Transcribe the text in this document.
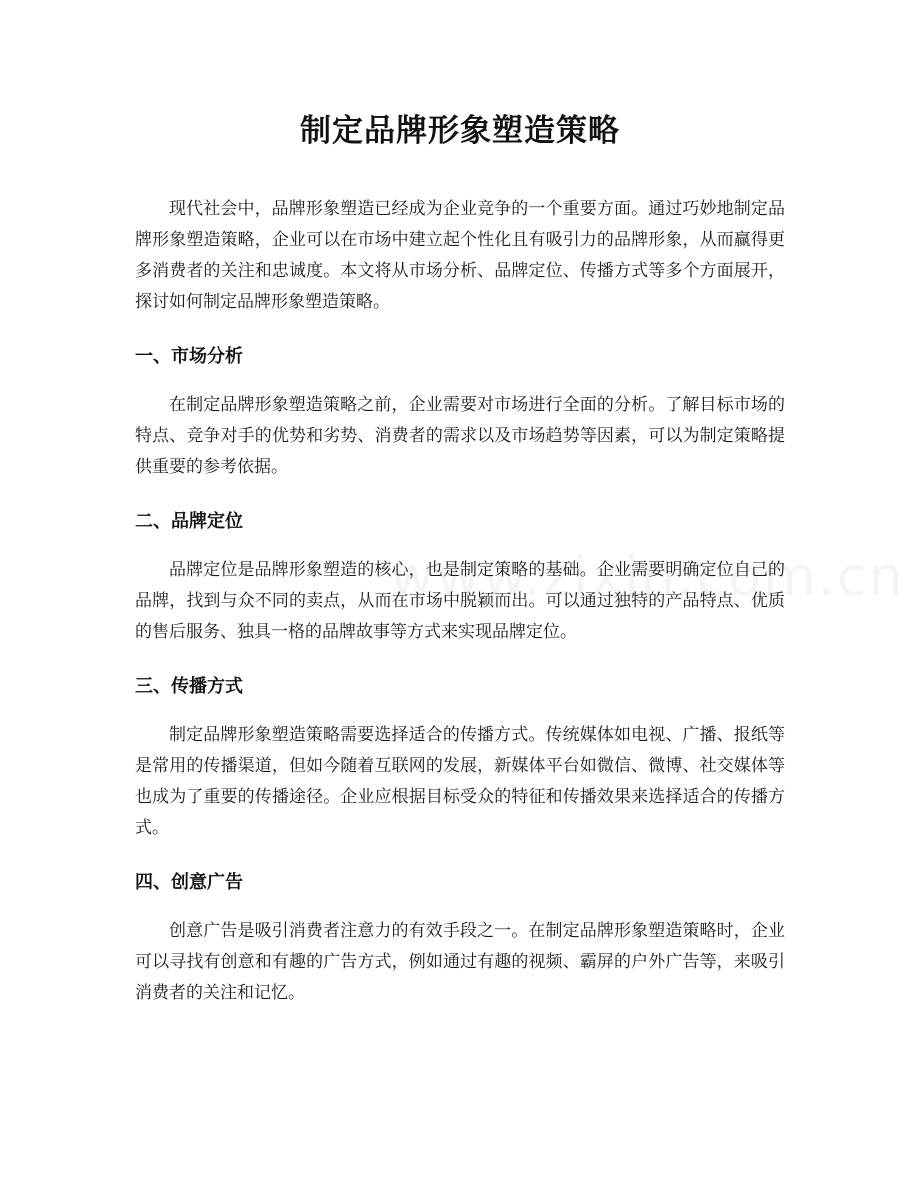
制定品牌形象塑造策略

现代社会中，品牌形象塑造已经成为企业竞争的一个重要方面。通过巧妙地制定品牌形象塑造策略，企业可以在市场中建立起个性化且有吸引力的品牌形象，从而赢得更多消费者的关注和忠诚度。本文将从市场分析、品牌定位、传播方式等多个方面展开，探讨如何制定品牌形象塑造策略。

一、市场分析

在制定品牌形象塑造策略之前，企业需要对市场进行全面的分析。了解目标市场的特点、竞争对手的优势和劣势、消费者的需求以及市场趋势等因素，可以为制定策略提供重要的参考依据。

二、品牌定位

品牌定位是品牌形象塑造的核心，也是制定策略的基础。企业需要明确定位自己的品牌，找到与众不同的卖点，从而在市场中脱颖而出。可以通过独特的产品特点、优质的售后服务、独具一格的品牌故事等方式来实现品牌定位。

三、传播方式

制定品牌形象塑造策略需要选择适合的传播方式。传统媒体如电视、广播、报纸等是常用的传播渠道，但如今随着互联网的发展，新媒体平台如微信、微博、社交媒体等也成为了重要的传播途径。企业应根据目标受众的特征和传播效果来选择适合的传播方式。

四、创意广告

创意广告是吸引消费者注意力的有效手段之一。在制定品牌形象塑造策略时，企业可以寻找有创意和有趣的广告方式，例如通过有趣的视频、霸屏的户外广告等，来吸引消费者的关注和记忆。
